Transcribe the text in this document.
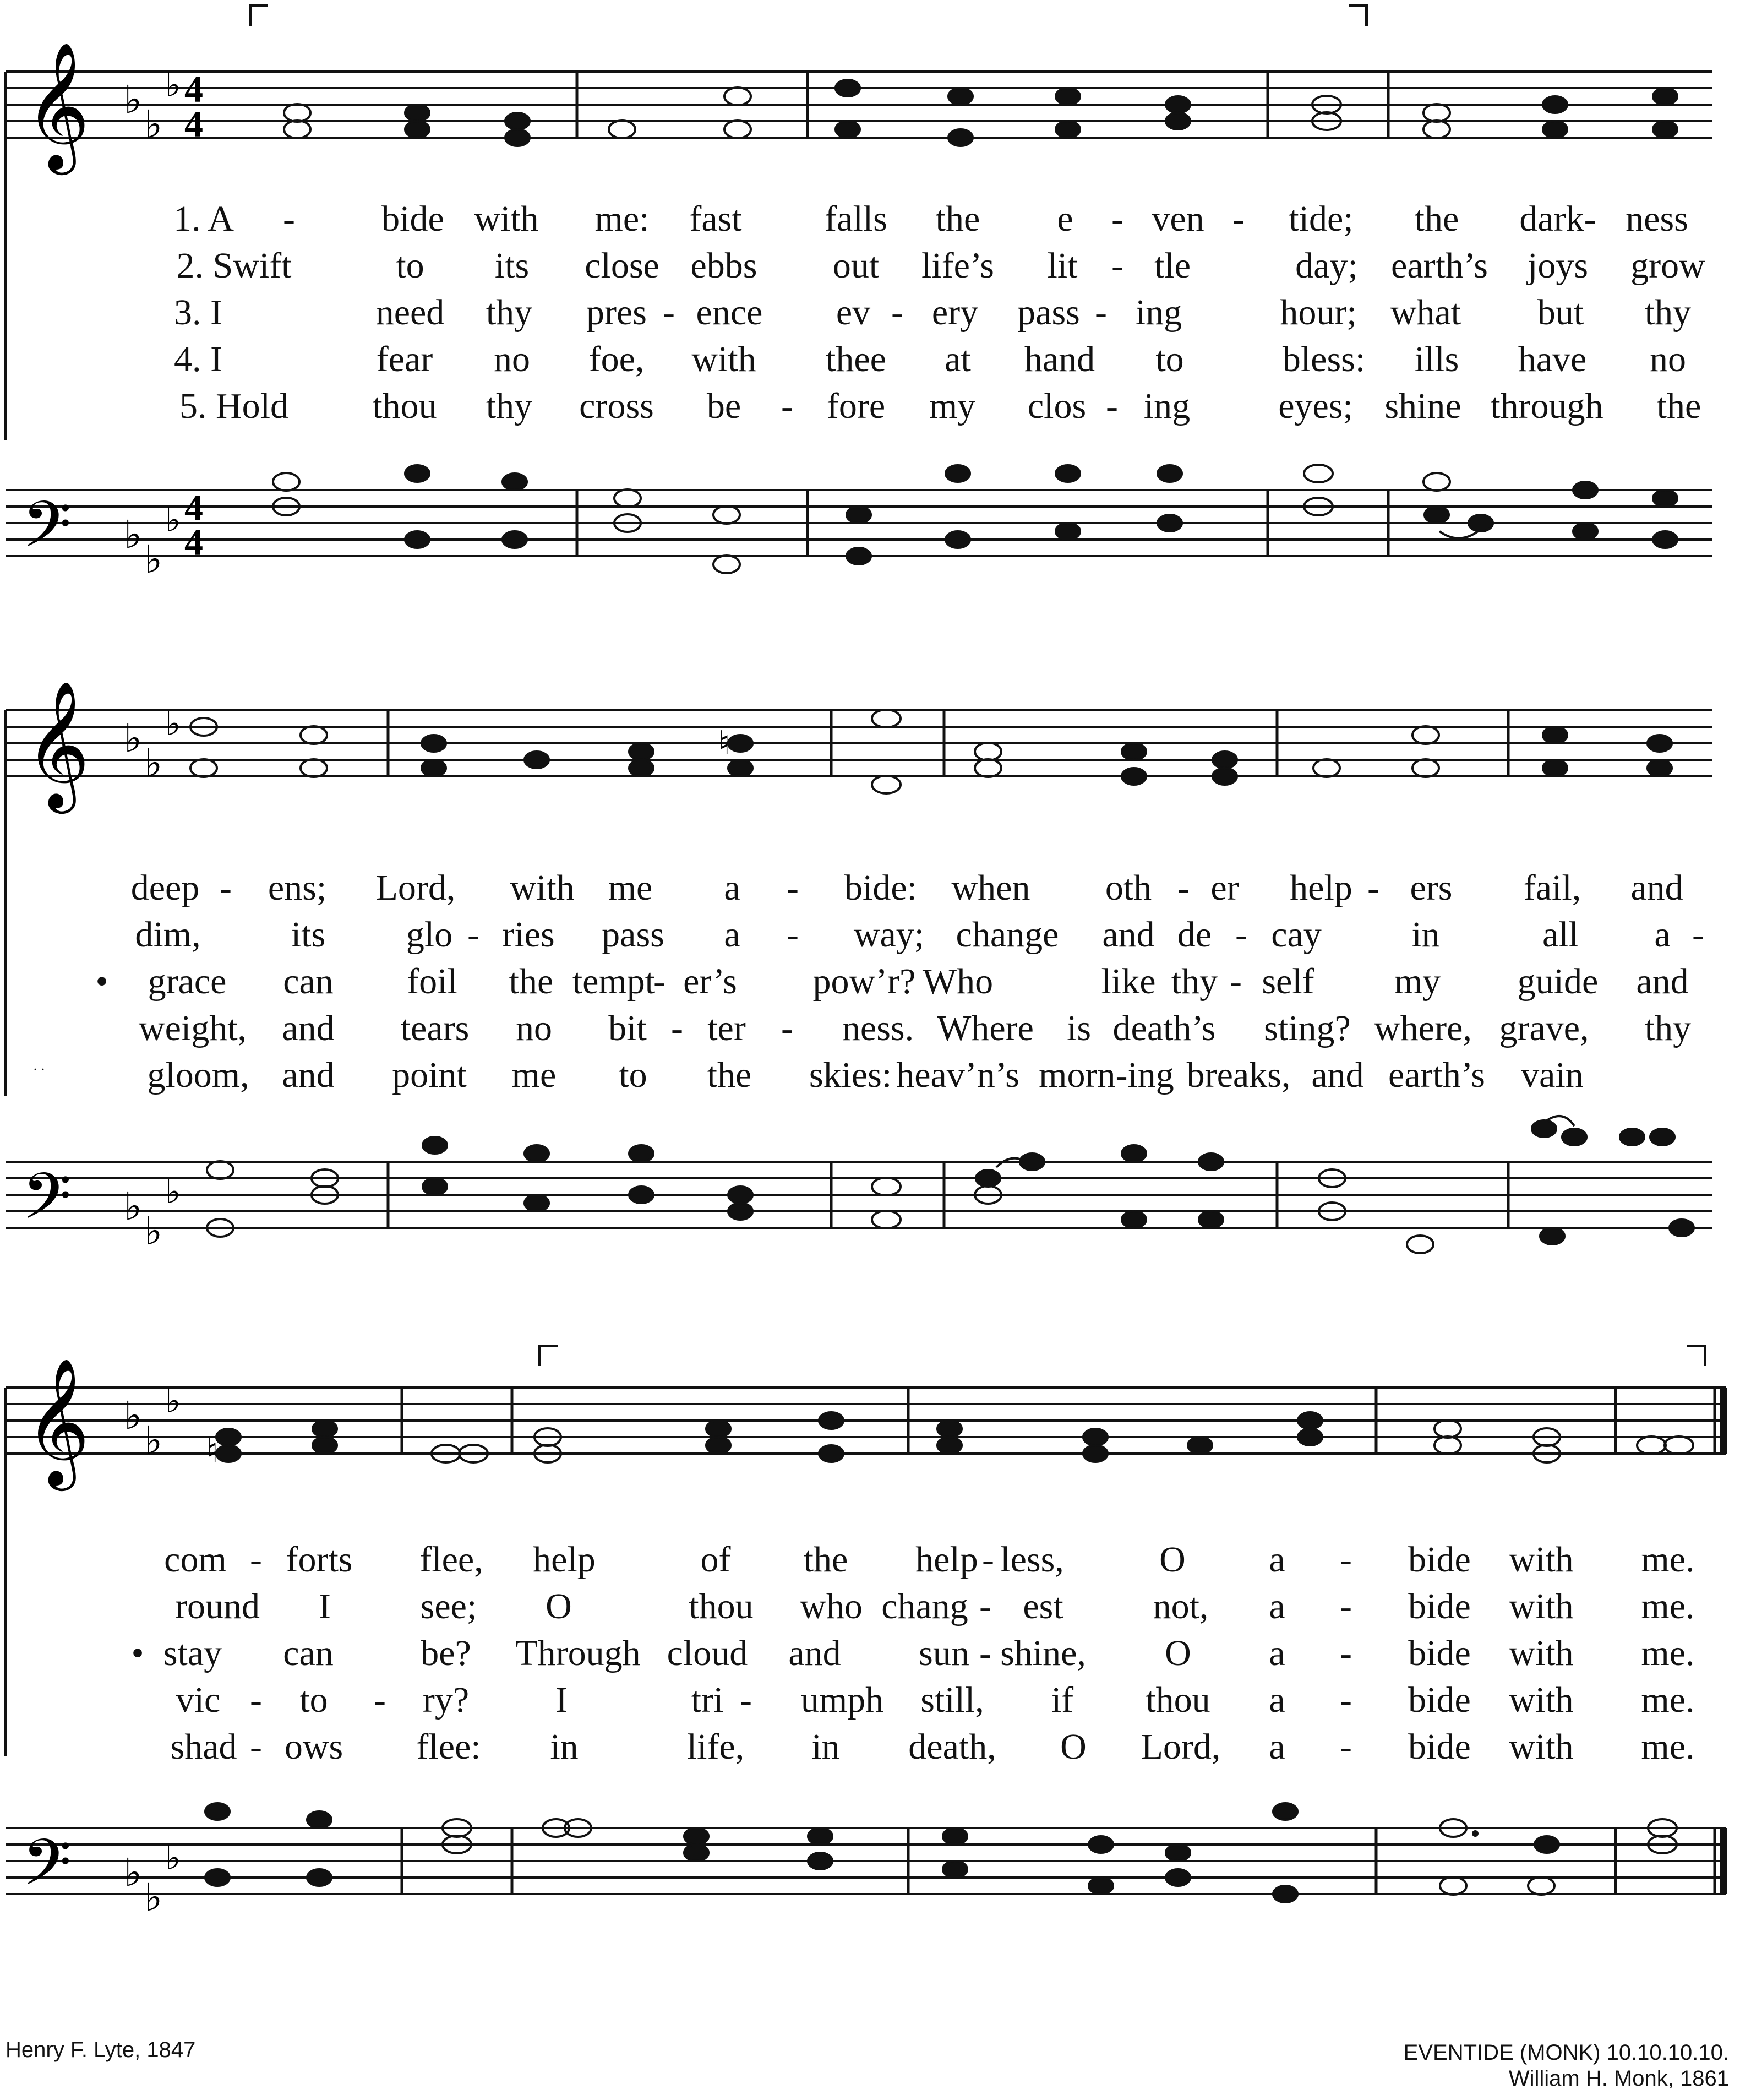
𝄞 ♭
♭
♭ 4
4
1. A - bide with me: fast falls the e - ven - tide; the dark- ness
2. Swift	to its close ebbs out life’s lit - tle	day; earth’s joys grow
3. I	need thy pres - ence ev - ery pass - ing	hour; what but thy
4. I	fear no foe, with thee at hand to	bless: ills have no
5. Hold thou thy cross be - fore my clos - ing eyes; shine through the
𝄢 ♭
♭
♭ 4
4
𝄞 ♭
♭
♭	♮
deep - ens; Lord, with me a - bide: when oth - er help - ers fail, and
dim, its glo - ries pass a - way; change and de - cay in	all a -
• grace can foil the tempt
- er’s pow’r? Who	like thy - self my guide and
weight, and tears no bit - ter - ness. Where is death’s sting? where, grave, thy
gloom, and point me to the skies: heav’n’s morn-ing breaks, and earth’s vain
· ·
𝄢 ♭
♭
♭
𝄞 ♭
♭
♭
♮
com - forts flee, help	of the help - less,	O a - bide with me.
round I see; O	thou who chang - est not, a - bide with me.
• stay can be? Through cloud and sun - shine, O a - bide with me.
vic - to - ry? I	tri - umph still, if thou a - bide with me.
shad - ows flee: in	life, in death, O Lord, a - bide with me.
𝄢 ♭
♭
♭
Henry F. Lyte, 1847	EVENTIDE (MONK) 10.10.10.10.
William H. Monk, 1861
